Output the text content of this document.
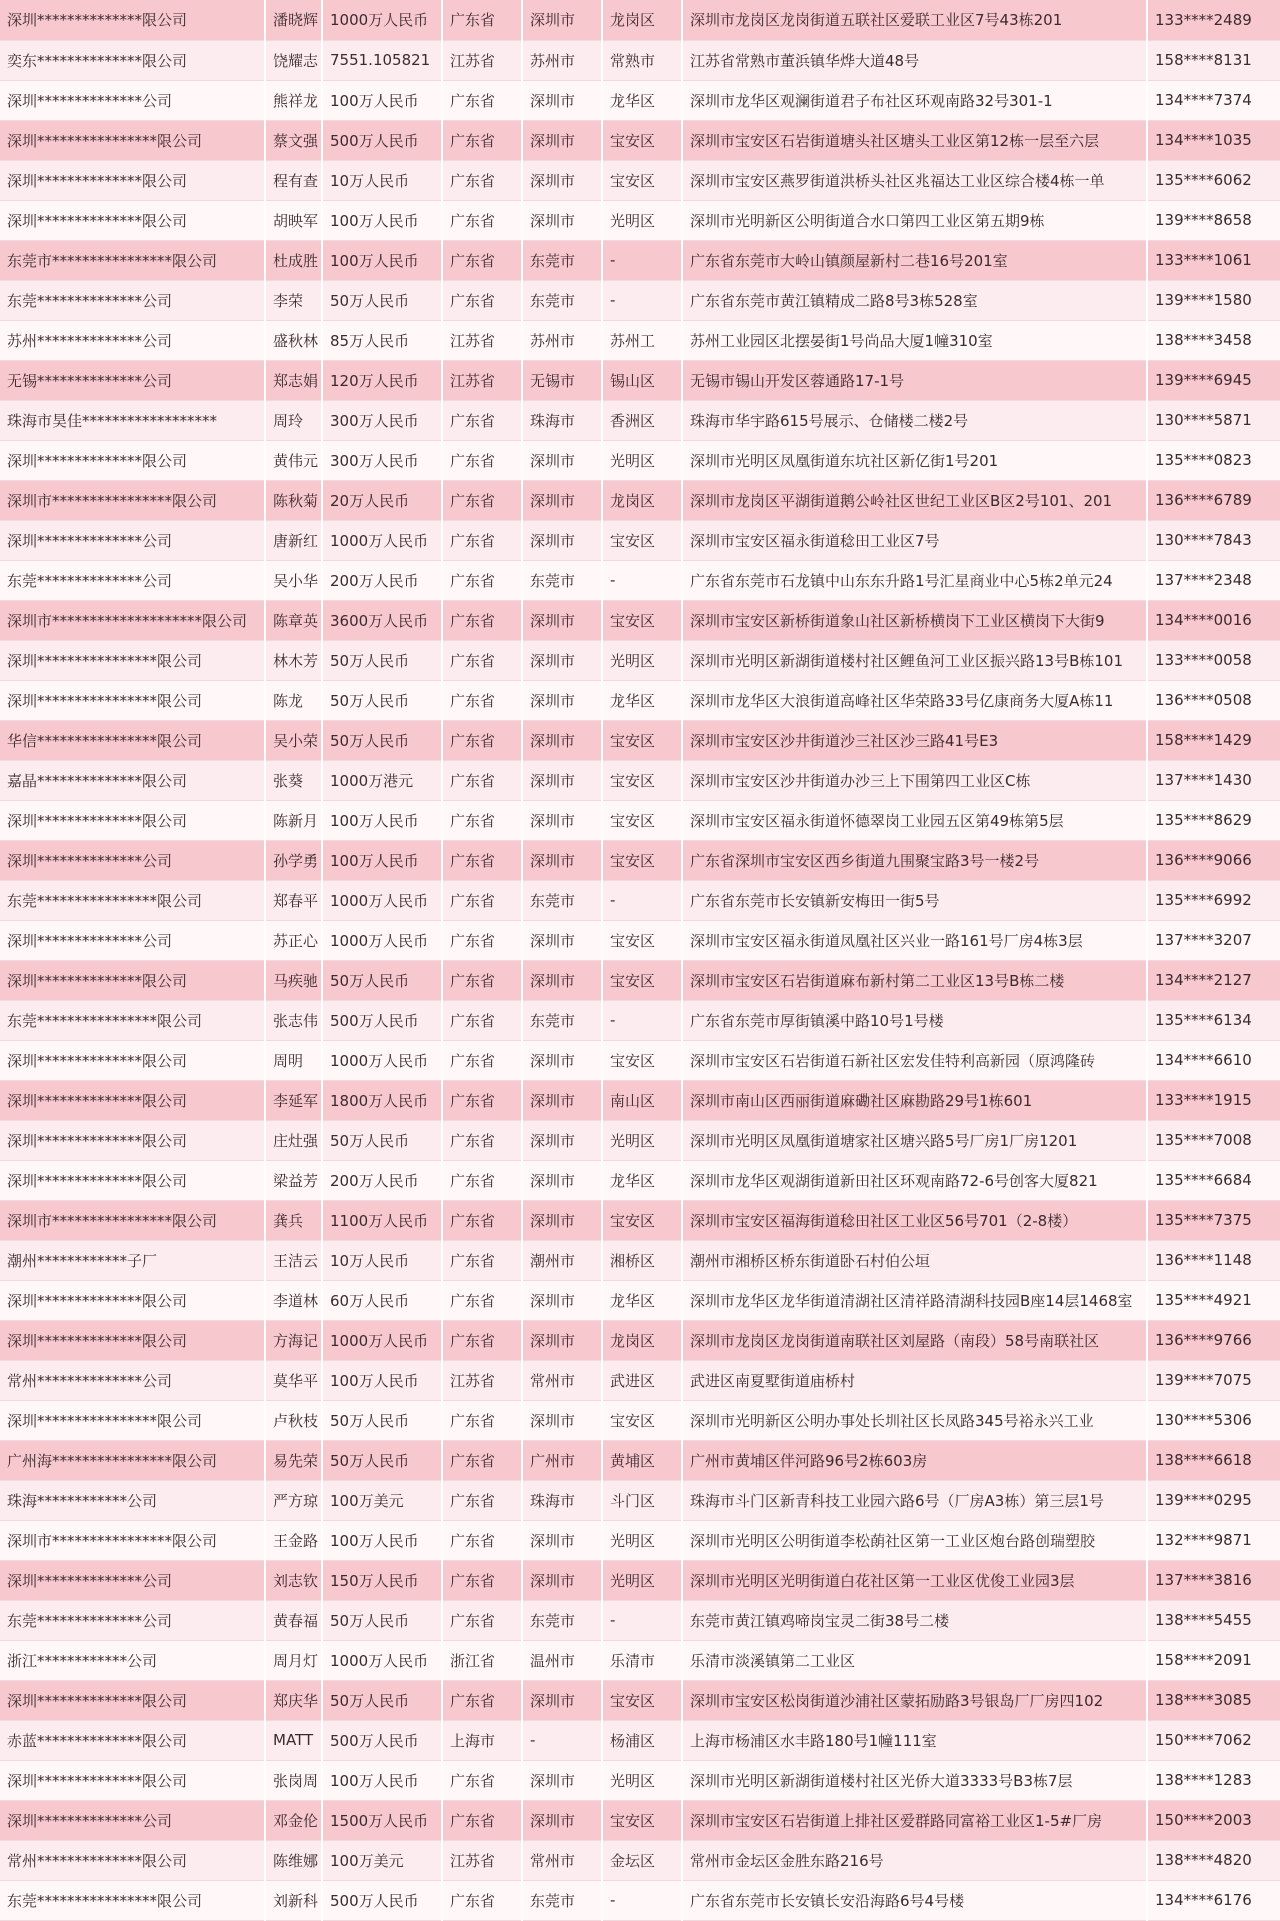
深圳**************限公司	潘晓辉	1000万人民币	广东省	深圳市	龙岗区	深圳市龙岗区龙岗街道五联社区爱联工业区7号43栋201	133****2489
奕东**************限公司	饶耀志	7551.105821	江苏省	苏州市	常熟市	江苏省常熟市董浜镇华烨大道48号	158****8131
深圳**************公司	熊祥龙	100万人民币	广东省	深圳市	龙华区	深圳市龙华区观澜街道君子布社区环观南路32号301-1	134****7374
深圳****************限公司	蔡文强	500万人民币	广东省	深圳市	宝安区	深圳市宝安区石岩街道塘头社区塘头工业区第12栋一层至六层	134****1035
深圳**************限公司	程有查	10万人民币	广东省	深圳市	宝安区	深圳市宝安区燕罗街道洪桥头社区兆福达工业区综合楼4栋一单	135****6062
深圳**************限公司	胡映军	100万人民币	广东省	深圳市	光明区	深圳市光明新区公明街道合水口第四工业区第五期9栋	139****8658
东莞市****************限公司	杜成胜	100万人民币	广东省	东莞市	-	广东省东莞市大岭山镇颜屋新村二巷16号201室	133****1061
东莞**************公司	李荣	50万人民币	广东省	东莞市	-	广东省东莞市黄江镇精成二路8号3栋528室	139****1580
苏州**************公司	盛秋林	85万人民币	江苏省	苏州市	苏州工	苏州工业园区北摆晏街1号尚品大厦1幢310室	138****3458
无锡**************公司	郑志娟	120万人民币	江苏省	无锡市	锡山区	无锡市锡山开发区蓉通路17-1号	139****6945
珠海市昊佳******************	周玲	300万人民币	广东省	珠海市	香洲区	珠海市华宇路615号展示、仓储楼二楼2号	130****5871
深圳**************限公司	黄伟元	300万人民币	广东省	深圳市	光明区	深圳市光明区凤凰街道东坑社区新亿街1号201	135****0823
深圳市****************限公司	陈秋菊	20万人民币	广东省	深圳市	龙岗区	深圳市龙岗区平湖街道鹅公岭社区世纪工业区B区2号101、201	136****6789
深圳**************公司	唐新红	1000万人民币	广东省	深圳市	宝安区	深圳市宝安区福永街道稔田工业区7号	130****7843
东莞**************公司	吴小华	200万人民币	广东省	东莞市	-	广东省东莞市石龙镇中山东东升路1号汇星商业中心5栋2单元24	137****2348
深圳市********************限公司	陈章英	3600万人民币	广东省	深圳市	宝安区	深圳市宝安区新桥街道象山社区新桥横岗下工业区横岗下大街9	134****0016
深圳****************限公司	林木芳	50万人民币	广东省	深圳市	光明区	深圳市光明区新湖街道楼村社区鲤鱼河工业区振兴路13号B栋101	133****0058
深圳****************限公司	陈龙	50万人民币	广东省	深圳市	龙华区	深圳市龙华区大浪街道高峰社区华荣路33号亿康商务大厦A栋11	136****0508
华信****************限公司	吴小荣	50万人民币	广东省	深圳市	宝安区	深圳市宝安区沙井街道沙三社区沙三路41号E3	158****1429
嘉晶**************限公司	张葵	1000万港元	广东省	深圳市	宝安区	深圳市宝安区沙井街道办沙三上下围第四工业区C栋	137****1430
深圳**************限公司	陈新月	100万人民币	广东省	深圳市	宝安区	深圳市宝安区福永街道怀德翠岗工业园五区第49栋第5层	135****8629
深圳**************公司	孙学勇	100万人民币	广东省	深圳市	宝安区	广东省深圳市宝安区西乡街道九围聚宝路3号一楼2号	136****9066
东莞****************限公司	郑春平	1000万人民币	广东省	东莞市	-	广东省东莞市长安镇新安梅田一街5号	135****6992
深圳**************公司	苏正心	1000万人民币	广东省	深圳市	宝安区	深圳市宝安区福永街道凤凰社区兴业一路161号厂房4栋3层	137****3207
深圳**************限公司	马疾驰	50万人民币	广东省	深圳市	宝安区	深圳市宝安区石岩街道麻布新村第二工业区13号B栋二楼	134****2127
东莞****************限公司	张志伟	500万人民币	广东省	东莞市	-	广东省东莞市厚街镇溪中路10号1号楼	135****6134
深圳**************限公司	周明	1000万人民币	广东省	深圳市	宝安区	深圳市宝安区石岩街道石新社区宏发佳特利高新园（原鸿隆砖	134****6610
深圳**************限公司	李延军	1800万人民币	广东省	深圳市	南山区	深圳市南山区西丽街道麻磡社区麻勘路29号1栋601	133****1915
深圳**************限公司	庄灶强	50万人民币	广东省	深圳市	光明区	深圳市光明区凤凰街道塘家社区塘兴路5号厂房1厂房1201	135****7008
深圳**************限公司	梁益芳	200万人民币	广东省	深圳市	龙华区	深圳市龙华区观湖街道新田社区环观南路72-6号创客大厦821	135****6684
深圳市****************限公司	龚兵	1100万人民币	广东省	深圳市	宝安区	深圳市宝安区福海街道稔田社区工业区56号701（2-8楼）	135****7375
潮州************子厂	王洁云	10万人民币	广东省	潮州市	湘桥区	潮州市湘桥区桥东街道卧石村伯公垣	136****1148
深圳**************限公司	李道林	60万人民币	广东省	深圳市	龙华区	深圳市龙华区龙华街道清湖社区清祥路清湖科技园B座14层1468室	135****4921
深圳**************限公司	方海记	1000万人民币	广东省	深圳市	龙岗区	深圳市龙岗区龙岗街道南联社区刘屋路（南段）58号南联社区	136****9766
常州**************公司	莫华平	100万人民币	江苏省	常州市	武进区	武进区南夏墅街道庙桥村	139****7075
深圳****************限公司	卢秋枝	50万人民币	广东省	深圳市	宝安区	深圳市光明新区公明办事处长圳社区长凤路345号裕永兴工业	130****5306
广州海****************限公司	易先荣	50万人民币	广东省	广州市	黄埔区	广州市黄埔区伴河路96号2栋603房	138****6618
珠海************公司	严方琼	100万美元	广东省	珠海市	斗门区	珠海市斗门区新青科技工业园六路6号（厂房A3栋）第三层1号	139****0295
深圳市****************限公司	王金路	100万人民币	广东省	深圳市	光明区	深圳市光明区公明街道李松蓢社区第一工业区炮台路创瑞塑胶	132****9871
深圳**************公司	刘志钦	150万人民币	广东省	深圳市	光明区	深圳市光明区光明街道白花社区第一工业区优俊工业园3层	137****3816
东莞**************公司	黄春福	50万人民币	广东省	东莞市	-	东莞市黄江镇鸡啼岗宝灵二街38号二楼	138****5455
浙江************公司	周月灯	1000万人民币	浙江省	温州市	乐清市	乐清市淡溪镇第二工业区	158****2091
深圳**************限公司	郑庆华	50万人民币	广东省	深圳市	宝安区	深圳市宝安区松岗街道沙浦社区蒙拓励路3号银岛厂厂房四102	138****3085
赤蓝**************限公司	MATT	500万人民币	上海市	-	杨浦区	上海市杨浦区水丰路180号1幢111室	150****7062
深圳**************限公司	张岗周	100万人民币	广东省	深圳市	光明区	深圳市光明区新湖街道楼村社区光侨大道3333号B3栋7层	138****1283
深圳**************公司	邓金伦	1500万人民币	广东省	深圳市	宝安区	深圳市宝安区石岩街道上排社区爱群路同富裕工业区1-5#厂房	150****2003
常州**************限公司	陈维娜	100万美元	江苏省	常州市	金坛区	常州市金坛区金胜东路216号	138****4820
东莞****************限公司	刘新科	500万人民币	广东省	东莞市	-	广东省东莞市长安镇长安沿海路6号4号楼	134****6176
